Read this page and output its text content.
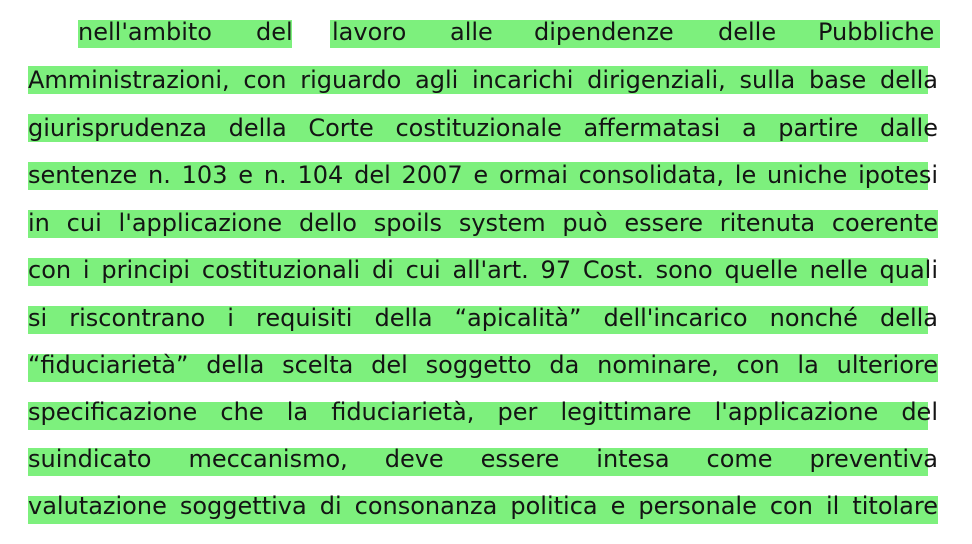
nell'ambito del lavoro alle dipendenze delle Pubbliche
Amministrazioni, con riguardo agli incarichi dirigenziali, sulla base della
giurisprudenza della Corte costituzionale affermatasi a partire dalle
sentenze n. 103 e n. 104 del 2007 e ormai consolidata, le uniche ipotesi
in cui l'applicazione dello spoils system può essere ritenuta coerente
con i principi costituzionali di cui all'art. 97 Cost. sono quelle nelle quali
si riscontrano i requisiti della “apicalità” dell'incarico nonché della
“fiduciarietà” della scelta del soggetto da nominare, con la ulteriore
specificazione che la fiduciarietà, per legittimare l'applicazione del
suindicato meccanismo, deve essere intesa come preventiva
valutazione soggettiva di consonanza politica e personale con il titolare
